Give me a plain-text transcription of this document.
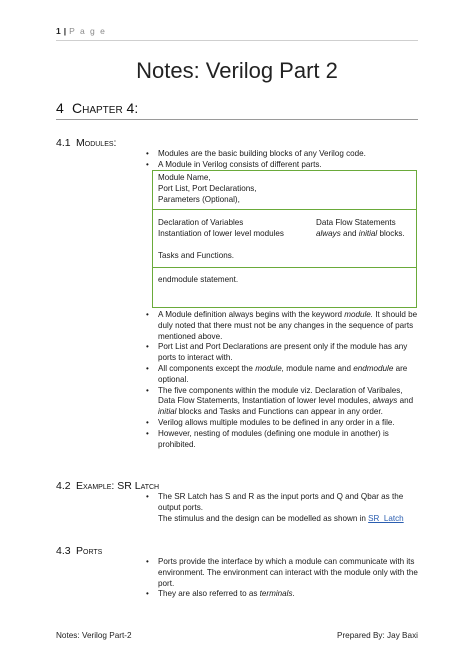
1 | P a g e
Notes: Verilog Part 2
4 Chapter 4:
4.1 Modules:
• Modules are the basic building blocks of any Verilog code.
• A Module in Verilog consists of different parts.
Module Name,
Port List, Port Declarations,
Parameters (Optional),
Declaration of Variables
Instantiation of lower level modules
Data Flow Statements
always and initial blocks.
Tasks and Functions.
endmodule statement.
• A Module definition always begins with the keyword module. It should be duly noted that there must not be any changes in the sequence of parts mentioned above.
• Port List and Port Declarations are present only if the module has any ports to interact with.
• All components except the module, module name and endmodule are optional.
• The five components within the module viz. Declaration of Varibales, Data Flow Statements, Instantiation of lower level modules, always and initial blocks and Tasks and Functions can appear in any order.
• Verilog allows multiple modules to be defined in any order in a file.
• However, nesting of modules (defining one module in another) is prohibited.
4.2 Example: SR Latch
• The SR Latch has S and R as the input ports and Q and Qbar as the output ports.
The stimulus and the design can be modelled as shown in SR_Latch
4.3 Ports
• Ports provide the interface by which a module can communicate with its environment. The environment can interact with the module only with the port.
• They are also referred to as terminals.
Notes: Verilog Part-2	Prepared By: Jay Baxi
